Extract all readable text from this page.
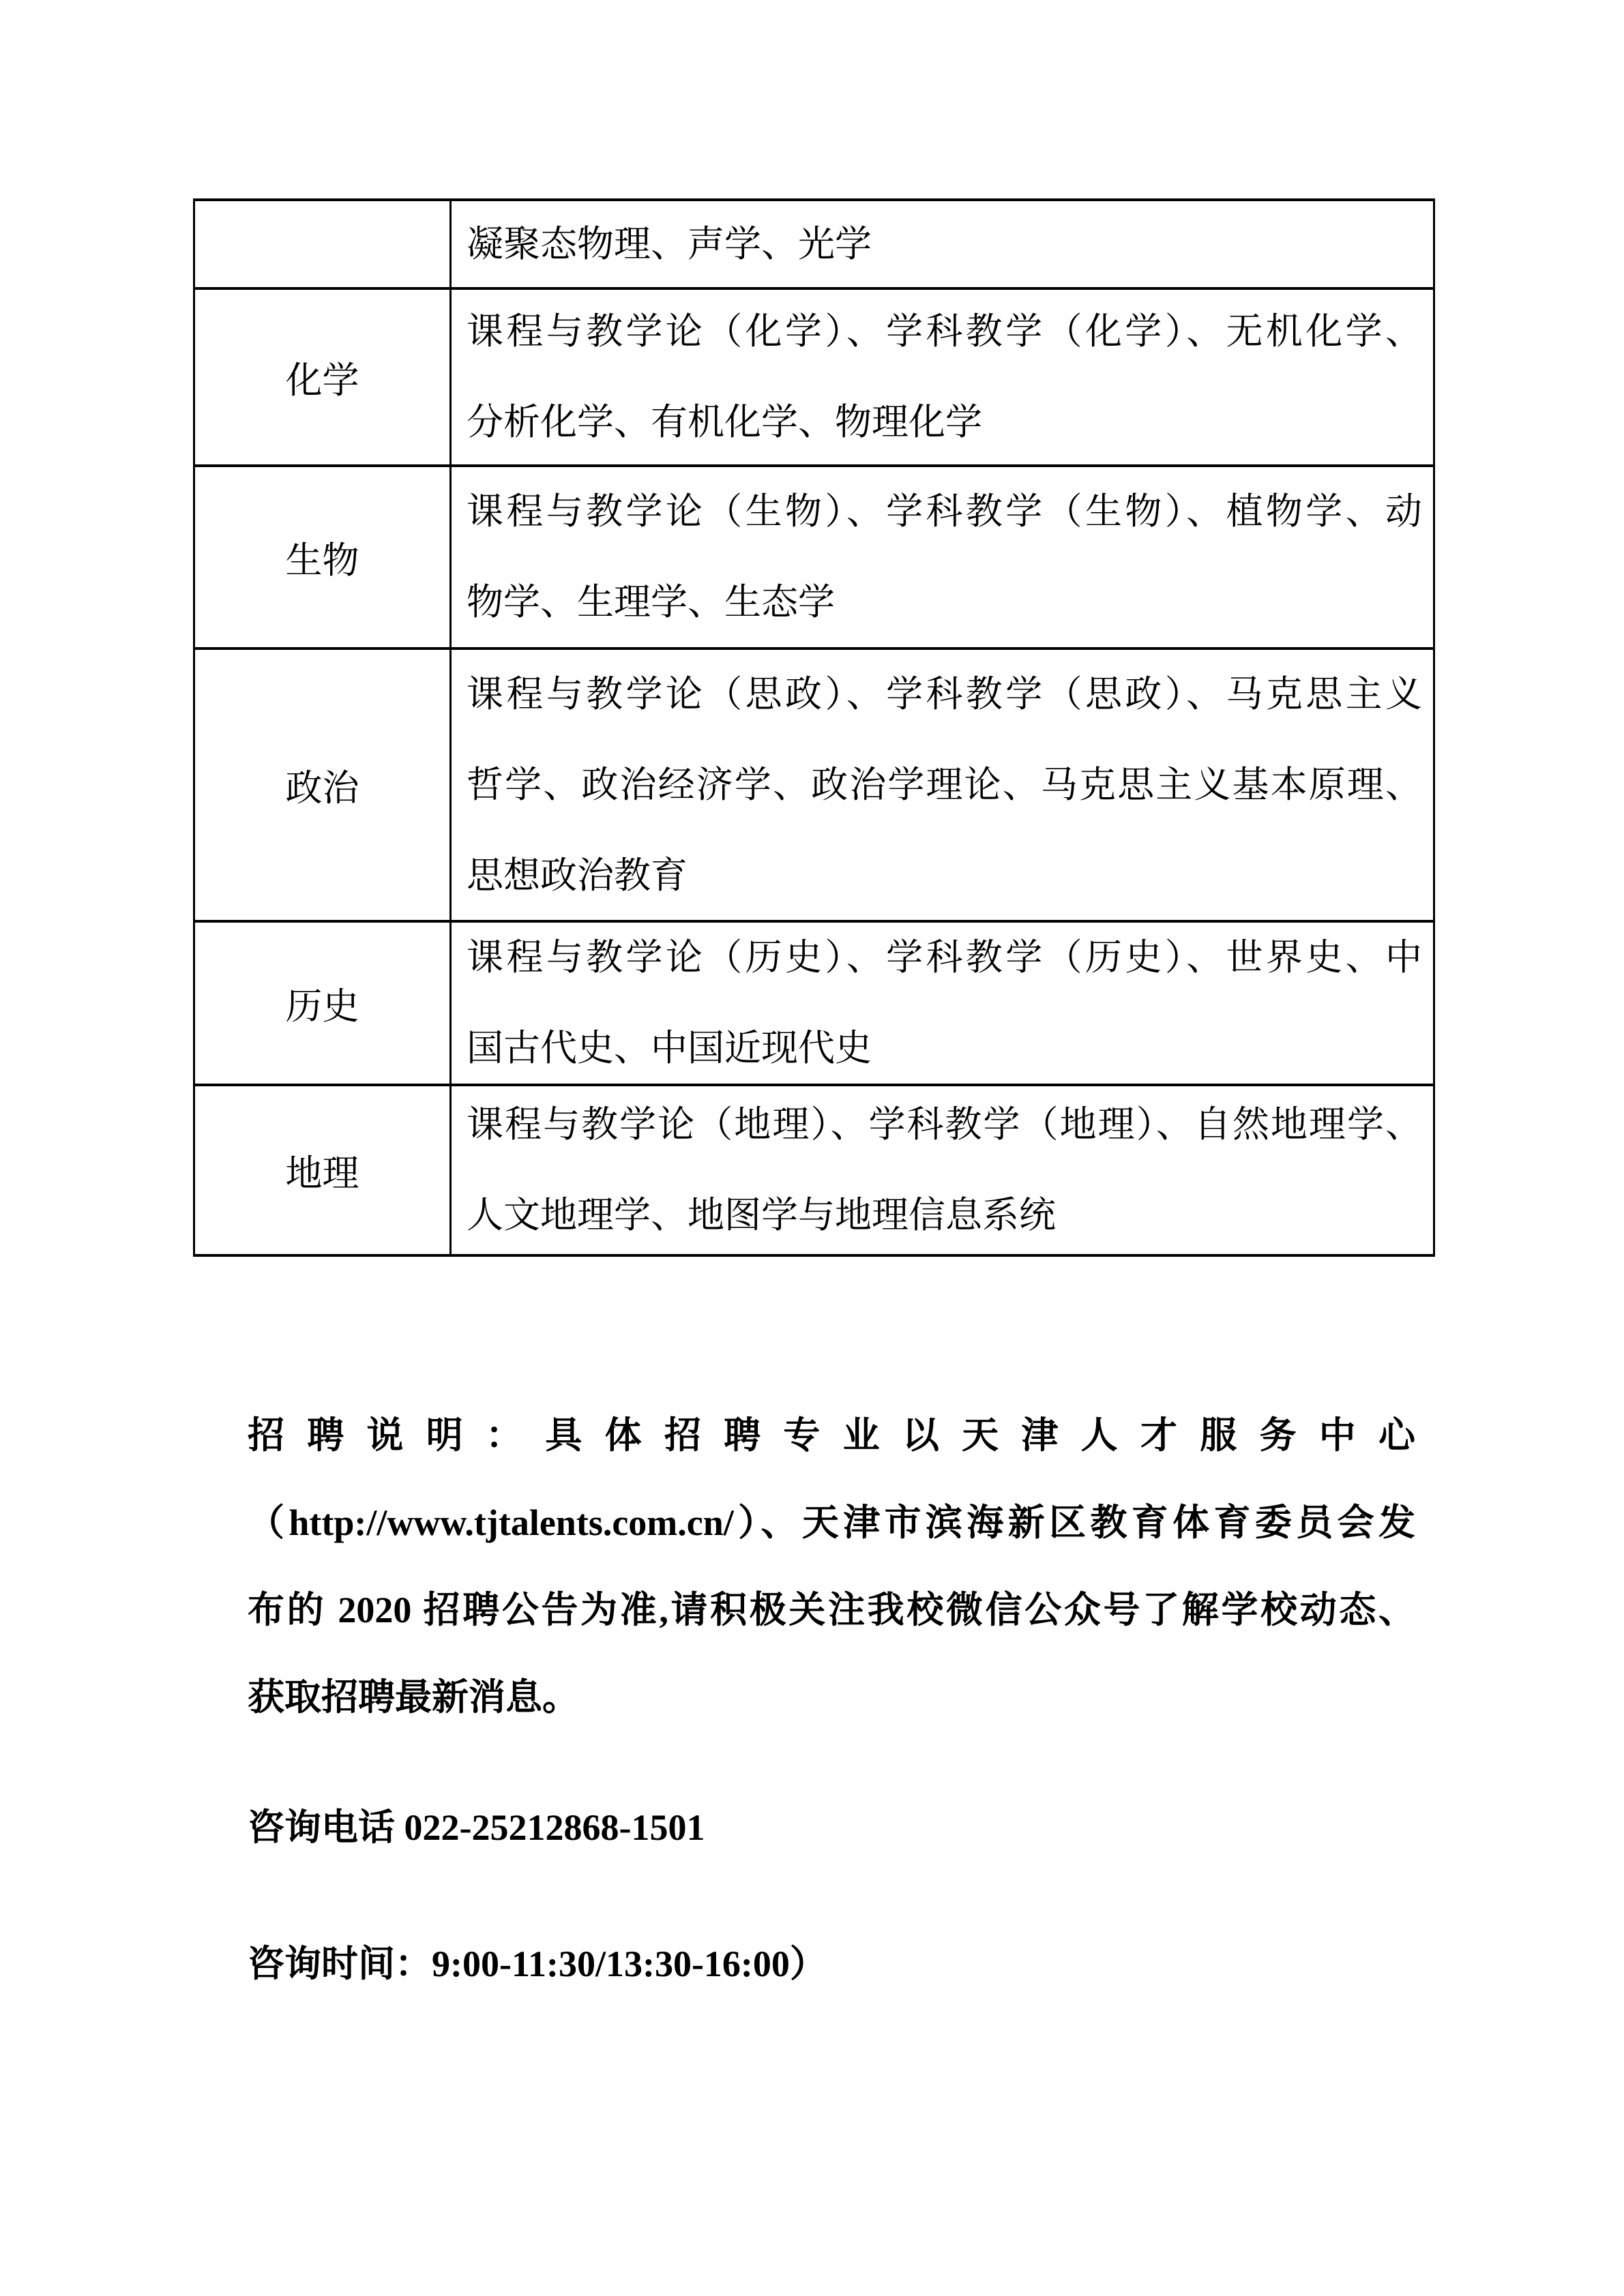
凝聚态物理、声学、光学
化学
课程与教学论（化学）、学科教学（化学）、无机化学、
分析化学、有机化学、物理化学
生物
课程与教学论（生物）、学科教学（生物）、植物学、动
物学、生理学、生态学
政治
课程与教学论（思政）、学科教学（思政）、马克思主义
哲学、政治经济学、政治学理论、马克思主义基本原理、
思想政治教育
历史
课程与教学论（历史）、学科教学（历史）、世界史、中
国古代史、中国近现代史
地理
课程与教学论（地理）、学科教学（地理）、自然地理学、
人文地理学、地图学与地理信息系统
招聘说明：具体招聘专业以天津人才服务中心
（http://www.tjtalents.com.cn/）、天津市滨海新区教育体育委员会发
布的 2020 招聘公告为准,请积极关注我校微信公众号了解学校动态、
获取招聘最新消息。
咨询电话 022-25212868-1501
咨询时间：9:00-11:30/13:30-16:00）
